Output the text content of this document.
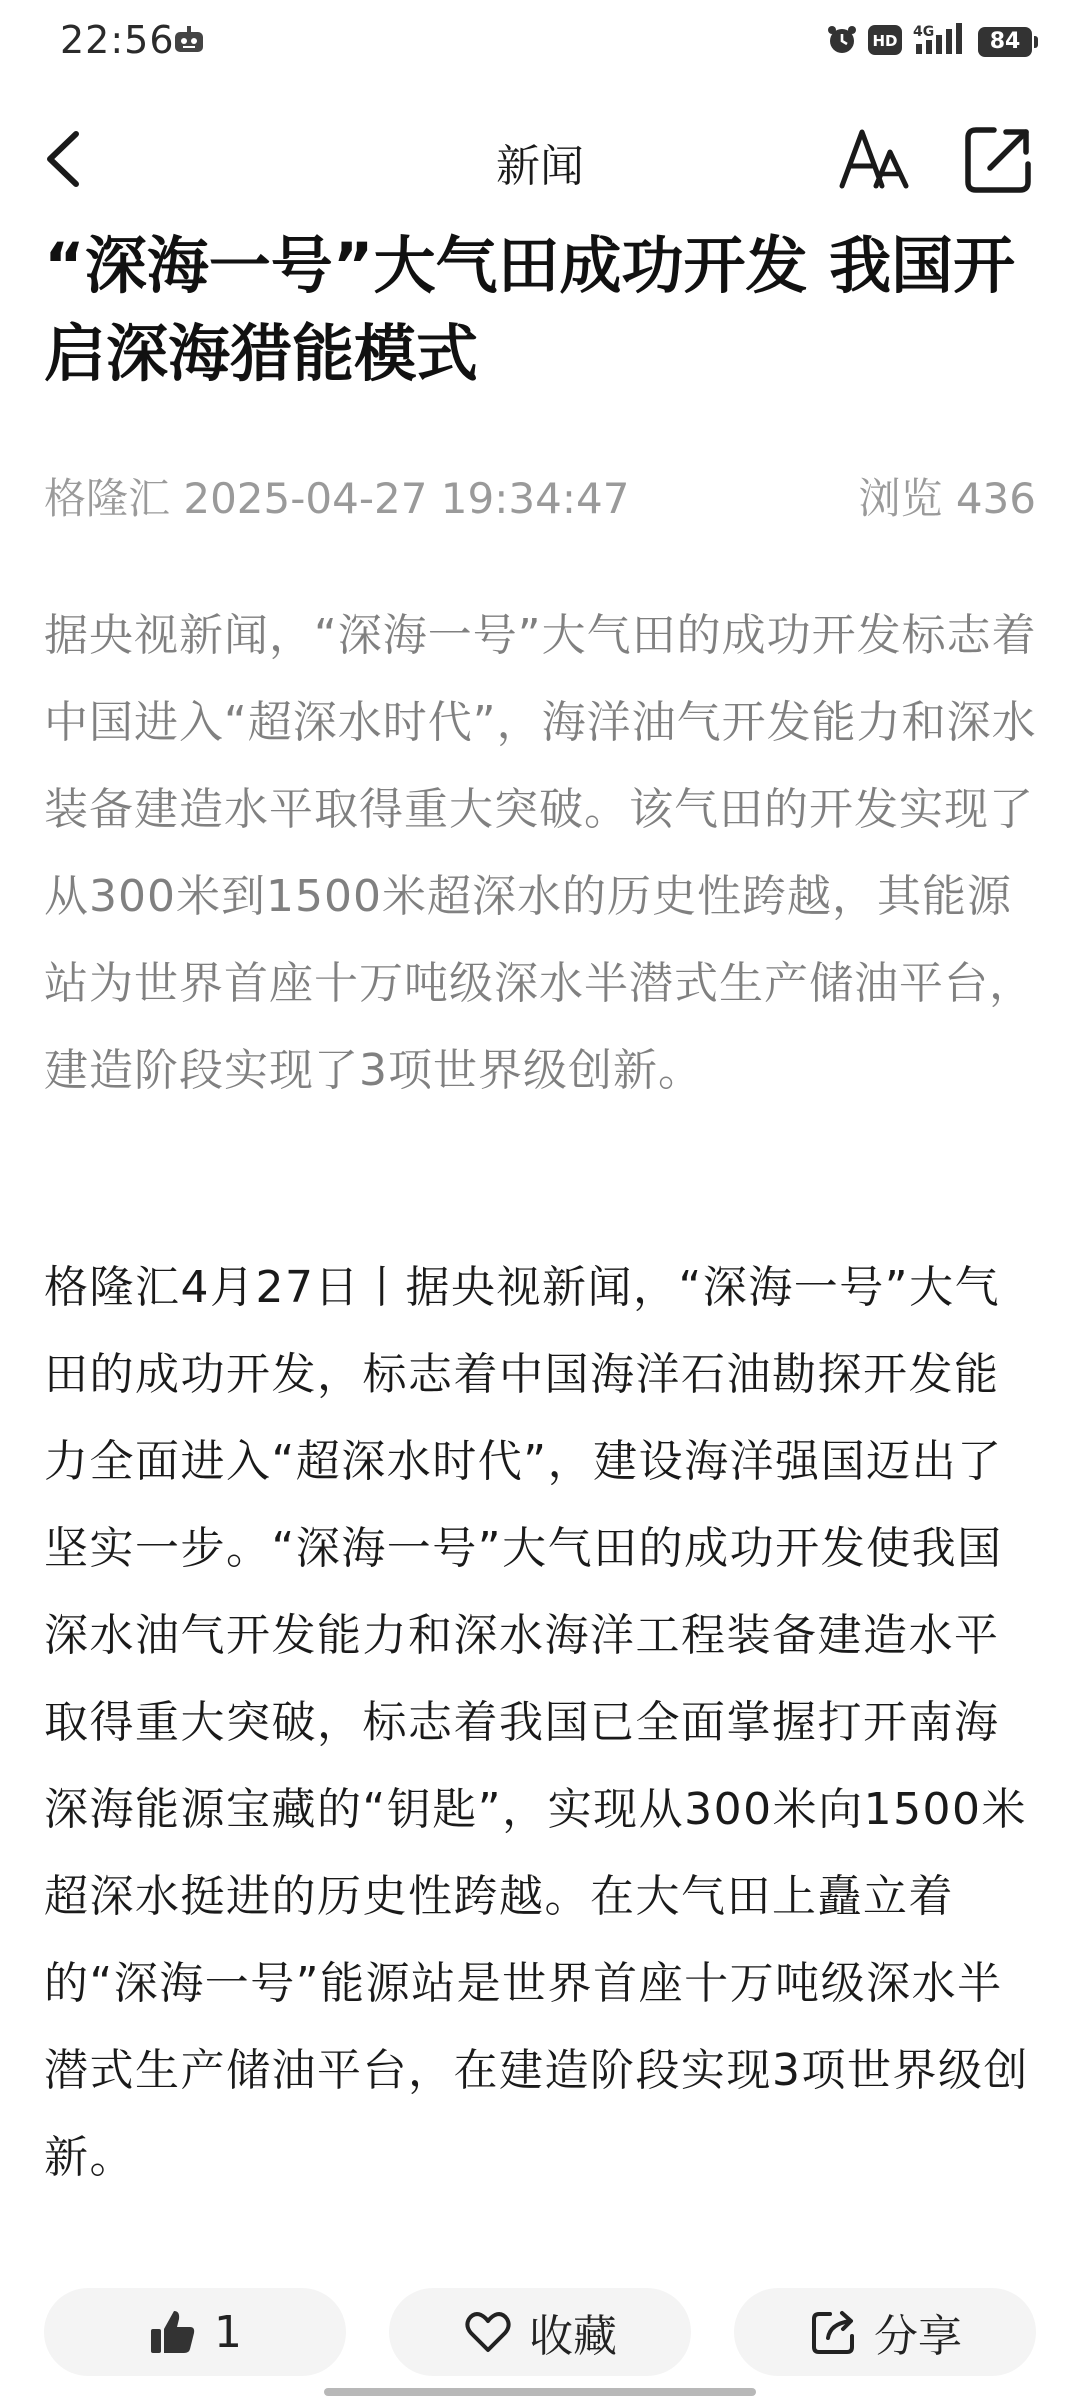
22:56	HD 4G	84
新闻
“深海一号”大气田成功开发 我国开启深海猎能模式
格隆汇 2025-04-27 19:34:47	浏览 436

据央视新闻，“深海一号”大气田的成功开发标志着中国进入“超深水时代”，海洋油气开发能力和深水装备建造水平取得重大突破。该气田的开发实现了从300米到1500米超深水的历史性跨越，其能源站为世界首座十万吨级深水半潜式生产储油平台，建造阶段实现了3项世界级创新。

格隆汇4月27日丨据央视新闻，“深海一号”大气田的成功开发，标志着中国海洋石油勘探开发能力全面进入“超深水时代”，建设海洋强国迈出了坚实一步。“深海一号”大气田的成功开发使我国深水油气开发能力和深水海洋工程装备建造水平取得重大突破，标志着我国已全面掌握打开南海深海能源宝藏的“钥匙”，实现从300米向1500米超深水挺进的历史性跨越。在大气田上矗立着的“深海一号”能源站是世界首座十万吨级深水半潜式生产储油平台，在建造阶段实现3项世界级创新。

1	收藏	分享
